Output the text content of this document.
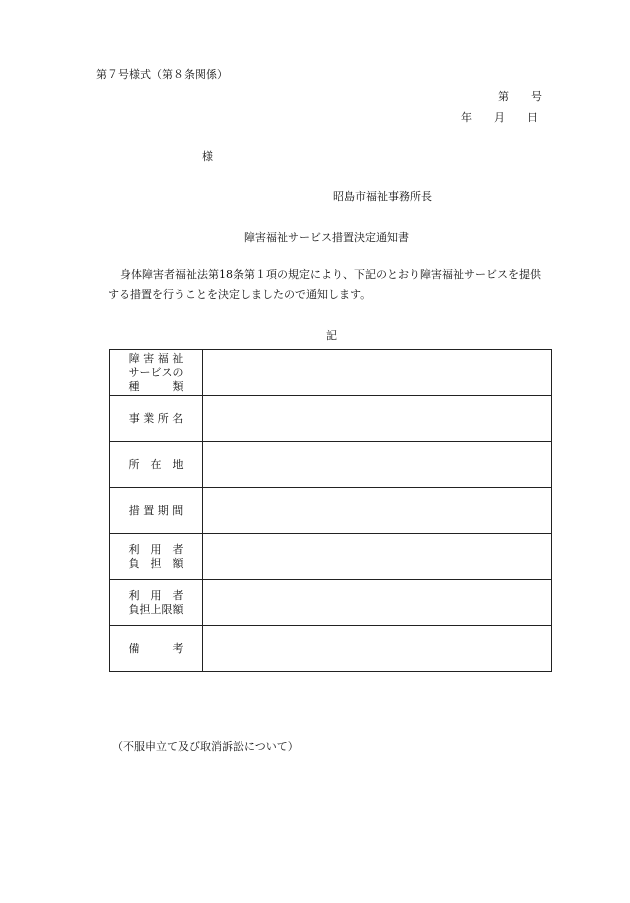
第７号様式（第８条関係）
第　　号
年　　月　　日
様
昭島市福祉事務所長
障害福祉サービス措置決定通知書

身体障害者福祉法第18条第１項の規定により、下記のとおり障害福祉サービスを提供

する措置を行うことを決定しましたので通知します。

記
障 害 福 祉
サービスの
種　　　類	

事 業 所 名	

所　在　地	

措 置 期 間	

利　用　者
負　担　額	

利　用　者
負担上限額	

備　　　考	

（不服申立て及び取消訴訟について）
